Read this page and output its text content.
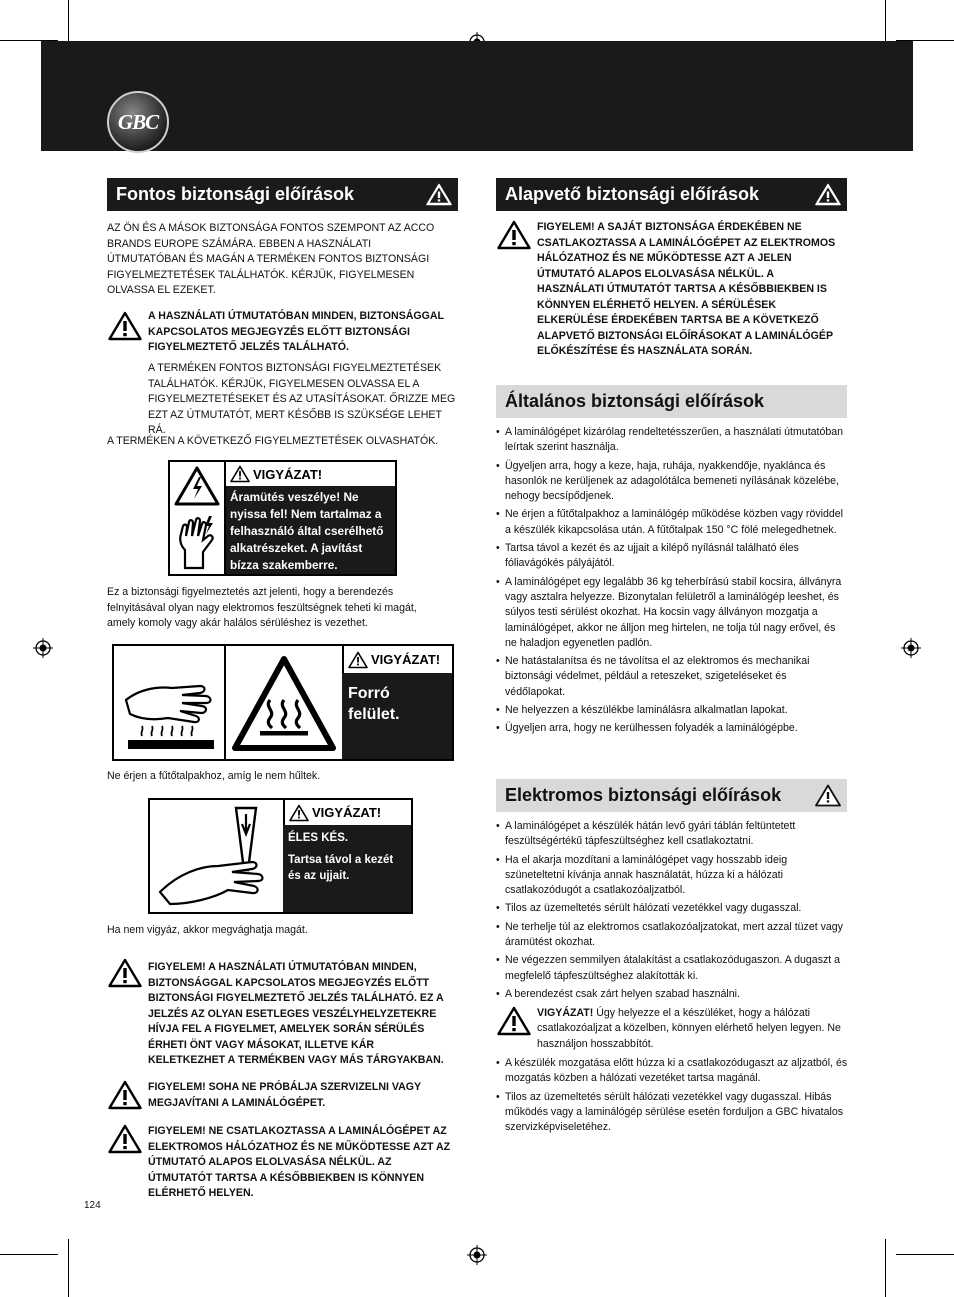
GBC
Fontos biztonsági előírások

AZ ÖN ÉS A MÁSOK BIZTONSÁGA FONTOS SZEMPONT AZ ACCO BRANDS EUROPE SZÁMÁRA. EBBEN A HASZNÁLATI ÚTMUTATÓBAN ÉS MAGÁN A TERMÉKEN FONTOS BIZTONSÁGI FIGYELMEZTETÉSEK TALÁLHATÓK. KÉRJÜK, FIGYELMESEN OLVASSA EL EZEKET.

A HASZNÁLATI ÚTMUTATÓBAN MINDEN, BIZTONSÁGGAL KAPCSOLATOS MEGJEGYZÉS ELŐTT BIZTONSÁGI FIGYELMEZTETŐ JELZÉS TALÁLHATÓ.

A TERMÉKEN FONTOS BIZTONSÁGI FIGYELMEZTETÉSEK TALÁLHATÓK. KÉRJÜK, FIGYELMESEN OLVASSA EL A FIGYELMEZTETÉSEKET ÉS AZ UTASÍTÁSOKAT. ŐRIZZE MEG EZT AZ ÚTMUTATÓT, MERT KÉSŐBB IS SZÜKSÉGE LEHET RÁ.

A TERMÉKEN A KÖVETKEZŐ FIGYELMEZTETÉSEK OLVASHATÓK.

VIGYÁZAT!
Áramütés veszélye! Ne nyissa fel! Nem tartalmaz a felhasználó által cserélhető alkatrészeket. A javítást bízza szakemberre.

Ez a biztonsági figyelmeztetés azt jelenti, hogy a berendezés felnyitásával olyan nagy elektromos feszültségnek teheti ki magát, amely komoly vagy akár halálos sérüléshez is vezethet.

VIGYÁZAT!
Forró
felület.

Ne érjen a fűtőtalpakhoz, amíg le nem hűltek.

VIGYÁZAT!
ÉLES KÉS.
Tartsa távol a kezét és az ujjait.

Ha nem vigyáz, akkor megvághatja magát.

FIGYELEM! A HASZNÁLATI ÚTMUTATÓBAN MINDEN, BIZTONSÁGGAL KAPCSOLATOS MEGJEGYZÉS ELŐTT BIZTONSÁGI FIGYELMEZTETŐ JELZÉS TALÁLHATÓ. EZ A JELZÉS AZ OLYAN ESETLEGES VESZÉLYHELYZETEKRE HÍVJA FEL A FIGYELMET, AMELYEK SORÁN SÉRÜLÉS ÉRHETI ÖNT VAGY MÁSOKAT, ILLETVE KÁR KELETKEZHET A TERMÉKBEN VAGY MÁS TÁRGYAKBAN.

FIGYELEM! SOHA NE PRÓBÁLJA SZERVIZELNI VAGY MEGJAVÍTANI A LAMINÁLÓGÉPET.

FIGYELEM! NE CSATLAKOZTASSA A LAMINÁLÓGÉPET AZ ELEKTROMOS HÁLÓZATHOZ ÉS NE MŰKÖDTESSE AZT AZ ÚTMUTATÓ ALAPOS ELOLVASÁSA NÉLKÜL. AZ ÚTMUTATÓT TARTSA A KÉSŐBBIEKBEN IS KÖNNYEN ELÉRHETŐ HELYEN.

124
Alapvető biztonsági előírások

FIGYELEM! A SAJÁT BIZTONSÁGA ÉRDEKÉBEN NE CSATLAKOZTASSA A LAMINÁLÓGÉPET AZ ELEKTROMOS HÁLÓZATHOZ ÉS NE MŰKÖDTESSE AZT A JELEN ÚTMUTATÓ ALAPOS ELOLVASÁSA NÉLKÜL. A HASZNÁLATI ÚTMUTATÓT TARTSA A KÉSŐBBIEKBEN IS KÖNNYEN ELÉRHETŐ HELYEN. A SÉRÜLÉSEK ELKERÜLÉSE ÉRDEKÉBEN TARTSA BE A KÖVETKEZŐ ALAPVETŐ BIZTONSÁGI ELŐÍRÁSOKAT A LAMINÁLÓGÉP ELŐKÉSZÍTÉSE ÉS HASZNÁLATA SORÁN.

Általános biztonsági előírások
• A laminálógépet kizárólag rendeltetésszerűen, a használati útmutatóban leírtak szerint használja.
• Ügyeljen arra, hogy a keze, haja, ruhája, nyakkendője, nyaklánca és hasonlók ne kerüljenek az adagolótálca bemeneti nyílásának közelébe, nehogy becsípődjenek.
• Ne érjen a fűtőtalpakhoz a laminálógép működése közben vagy röviddel a készülék kikapcsolása után. A fűtőtalpak 150 °C fölé melegedhetnek.
• Tartsa távol a kezét és az ujjait a kilépő nyílásnál található éles fóliavágókés pályájától.
• A laminálógépet egy legalább 36 kg teherbírású stabil kocsira, állványra vagy asztalra helyezze. Bizonytalan felületről a laminálógép leeshet, és súlyos testi sérülést okozhat. Ha kocsin vagy állványon mozgatja a laminálógépet, akkor ne álljon meg hirtelen, ne tolja túl nagy erővel, és ne haladjon egyenetlen padlón.
• Ne hatástalanítsa és ne távolítsa el az elektromos és mechanikai biztonsági védelmet, például a reteszeket, szigeteléseket és védőlapokat.
• Ne helyezzen a készülékbe laminálásra alkalmatlan lapokat.
• Ügyeljen arra, hogy ne kerülhessen folyadék a laminálógépbe.
Elektromos biztonsági előírások
• A laminálógépet a készülék hátán levő gyári táblán feltüntetett feszültségértékű tápfeszültséghez kell csatlakoztatni.
• Ha el akarja mozdítani a laminálógépet vagy hosszabb ideig szüneteltetni kívánja annak használatát, húzza ki a hálózati csatlakozódugót a csatlakozóaljzatból.
• Tilos az üzemeltetés sérült hálózati vezetékkel vagy dugasszal.
• Ne terhelje túl az elektromos csatlakozóaljzatokat, mert azzal tüzet vagy áramütést okozhat.
• Ne végezzen semmilyen átalakítást a csatlakozódugaszon. A dugaszt a megfelelő tápfeszültséghez alakították ki.
• A berendezést csak zárt helyen szabad használni.

VIGYÁZAT! Úgy helyezze el a készüléket, hogy a hálózati csatlakozóaljzat a közelben, könnyen elérhető helyen legyen. Ne használjon hosszabbítót.

• A készülék mozgatása előtt húzza ki a csatlakozódugaszt az aljzatból, és mozgatás közben a hálózati vezetéket tartsa magánál.
• Tilos az üzemeltetés sérült hálózati vezetékkel vagy dugasszal. Hibás működés vagy a laminálógép sérülése esetén forduljon a GBC hivatalos szervizképviseletéhez.
